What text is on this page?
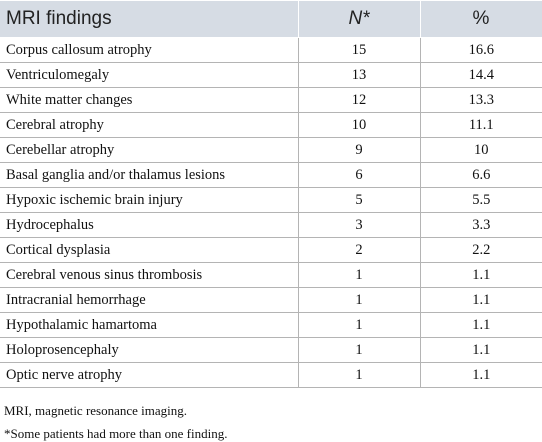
MRI findings	N*	%
Corpus callosum atrophy	15	16.6
Ventriculomegaly	13	14.4
White matter changes	12	13.3
Cerebral atrophy	10	11.1
Cerebellar atrophy	9	10
Basal ganglia and/or thalamus lesions	6	6.6
Hypoxic ischemic brain injury	5	5.5
Hydrocephalus	3	3.3
Cortical dysplasia	2	2.2
Cerebral venous sinus thrombosis	1	1.1
Intracranial hemorrhage	1	1.1
Hypothalamic hamartoma	1	1.1
Holoprosencephaly	1	1.1
Optic nerve atrophy	1	1.1
MRI, magnetic resonance imaging.
*Some patients had more than one finding.
